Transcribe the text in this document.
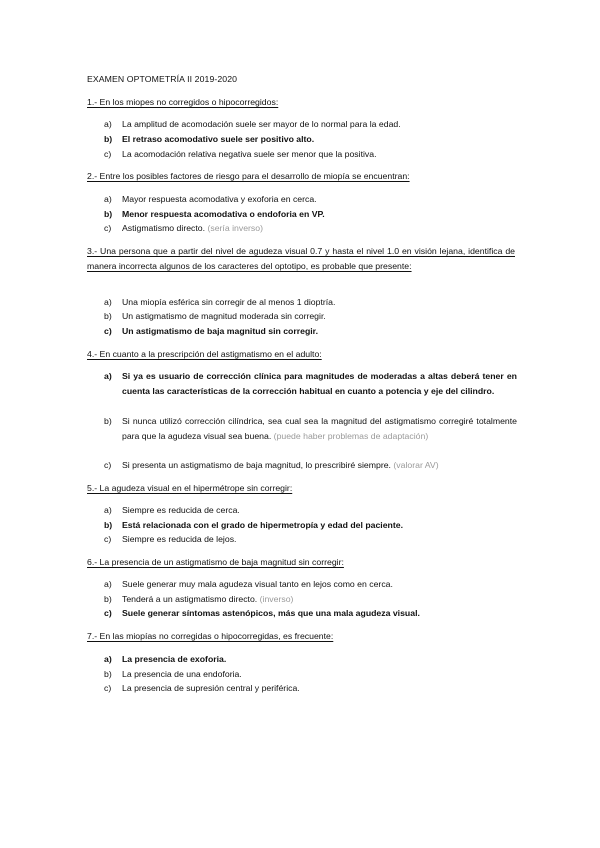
EXAMEN OPTOMETRÍA II 2019-2020
1.- En los miopes no corregidos o hipocorregidos:
a) La amplitud de acomodación suele ser mayor de lo normal para la edad.
b) El retraso acomodativo suele ser positivo alto.
c) La acomodación relativa negativa suele ser menor que la positiva.
2.- Entre los posibles factores de riesgo para el desarrollo de miopía se encuentran:
a) Mayor respuesta acomodativa y exoforia en cerca.
b) Menor respuesta acomodativa o endoforia en VP.
c) Astigmatismo directo. (sería inverso)
3.- Una persona que a partir del nivel de agudeza visual 0.7 y hasta el nivel 1.0 en visión lejana, identifica de manera incorrecta algunos de los caracteres del optotipo, es probable que presente:
a) Una miopía esférica sin corregir de al menos 1 dioptría.
b) Un astigmatismo de magnitud moderada sin corregir.
c) Un astigmatismo de baja magnitud sin corregir.
4.- En cuanto a la prescripción del astigmatismo en el adulto:
a) Si ya es usuario de corrección clínica para magnitudes de moderadas a altas deberá tener en cuenta las características de la corrección habitual en cuanto a potencia y eje del cilindro.
b) Si nunca utilizó corrección cilíndrica, sea cual sea la magnitud del astigmatismo corregiré totalmente para que la agudeza visual sea buena. (puede haber problemas de adaptación)
c) Si presenta un astigmatismo de baja magnitud, lo prescribiré siempre. (valorar AV)
5.- La agudeza visual en el hipermétrope sin corregir:
a) Siempre es reducida de cerca.
b) Está relacionada con el grado de hipermetropía y edad del paciente.
c) Siempre es reducida de lejos.
6.- La presencia de un astigmatismo de baja magnitud sin corregir:
a) Suele generar muy mala agudeza visual tanto en lejos como en cerca.
b) Tenderá a un astigmatismo directo. (inverso)
c) Suele generar síntomas astenópicos, más que una mala agudeza visual.
7.- En las miopías no corregidas o hipocorregidas, es frecuente:
a) La presencia de exoforia.
b) La presencia de una endoforia.
c) La presencia de supresión central y periférica.
